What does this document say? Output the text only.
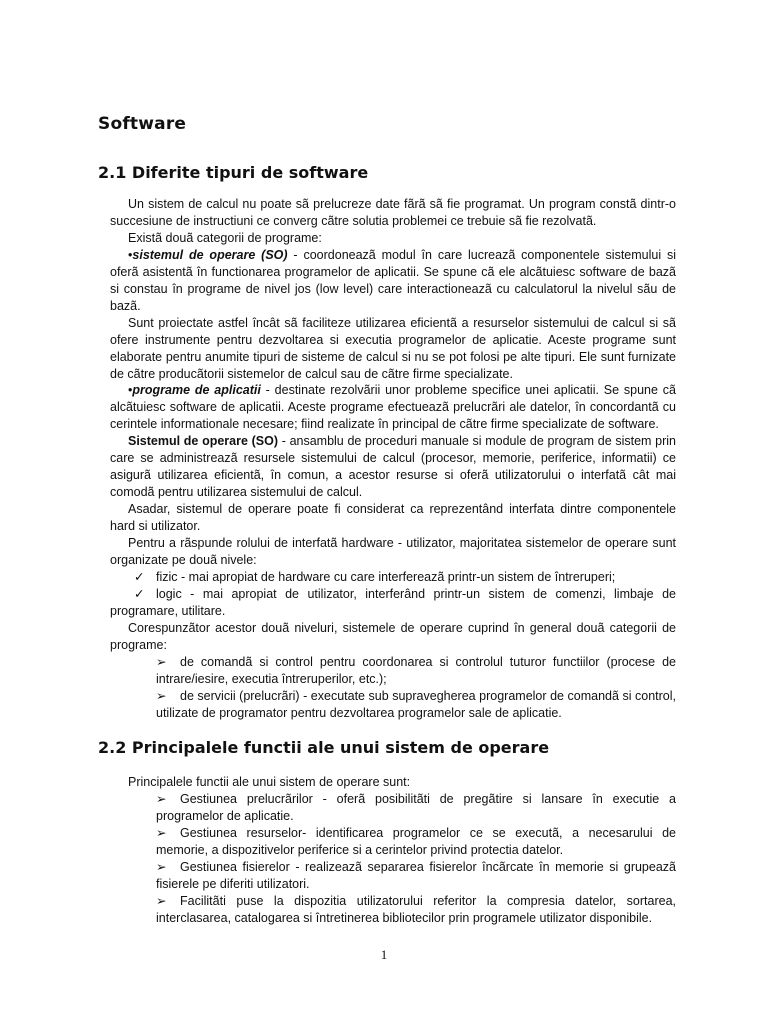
Software
2.1 Diferite tipuri de software

Un sistem de calcul nu poate sã prelucreze date fãrã sã fie programat. Un program constã dintr-o succesiune de instructiuni ce converg cãtre solutia problemei ce trebuie sã fie rezolvatã.

Existã douã categorii de programe:

•sistemul de operare (SO) - coordoneazã modul în care lucreazã componentele sistemului si oferã asistentã în functionarea programelor de aplicatii. Se spune cã ele alcãtuiesc software de bazã si constau în programe de nivel jos (low level) care interactioneazã cu calculatorul la nivelul sãu de bazã.

Sunt proiectate astfel încât sã faciliteze utilizarea eficientã a resurselor sistemului de calcul si sã ofere instrumente pentru dezvoltarea si executia programelor de aplicatie. Aceste programe sunt elaborate pentru anumite tipuri de sisteme de calcul si nu se pot folosi pe alte tipuri. Ele sunt furnizate de cãtre producãtorii sistemelor de calcul sau de cãtre firme specializate.

•programe de aplicatii - destinate rezolvãrii unor probleme specifice unei aplicatii. Se spune cã alcãtuiesc software de aplicatii. Aceste programe efectueazã prelucrãri ale datelor, în concordantã cu cerintele informationale necesare; fiind realizate în principal de cãtre firme specializate de software.

Sistemul de operare (SO) - ansamblu de proceduri manuale si module de program de sistem prin care se administreazã resursele sistemului de calcul (procesor, memorie, periferice, informatii) ce asigurã utilizarea eficientã, în comun, a acestor resurse si oferã utilizatorului o interfatã cât mai comodã pentru utilizarea sistemului de calcul.

Asadar, sistemul de operare poate fi considerat ca reprezentând interfata dintre componentele hard si utilizator.

Pentru a rãspunde rolului de interfatã hardware - utilizator, majoritatea sistemelor de operare sunt organizate pe douã nivele:

✓ fizic - mai apropiat de hardware cu care interfereazã printr-un sistem de întreruperi;

✓ logic - mai apropiat de utilizator, interferând printr-un sistem de comenzi, limbaje de programare, utilitare.

Corespunzãtor acestor douã niveluri, sistemele de operare cuprind în general douã categorii de programe:

➢ de comandã si control pentru coordonarea si controlul tuturor functiilor (procese de intrare/iesire, executia întreruperilor, etc.);

➢ de servicii (prelucrãri) - executate sub supravegherea programelor de comandã si control, utilizate de programator pentru dezvoltarea programelor sale de aplicatie.

2.2 Principalele functii ale unui sistem de operare

Principalele functii ale unui sistem de operare sunt:

➢ Gestiunea prelucrãrilor - oferã posibilitãti de pregãtire si lansare în executie a programelor de aplicatie.

➢ Gestiunea resurselor- identificarea programelor ce se executã, a necesarului de memorie, a dispozitivelor periferice si a cerintelor privind protectia datelor.

➢ Gestiunea fisierelor - realizeazã separarea fisierelor încãrcate în memorie si grupeazã fisierele pe diferiti utilizatori.

➢ Facilitãti puse la dispozitia utilizatorului referitor la compresia datelor, sortarea, interclasarea, catalogarea si întretinerea bibliotecilor prin programele utilizator disponibile.

1
